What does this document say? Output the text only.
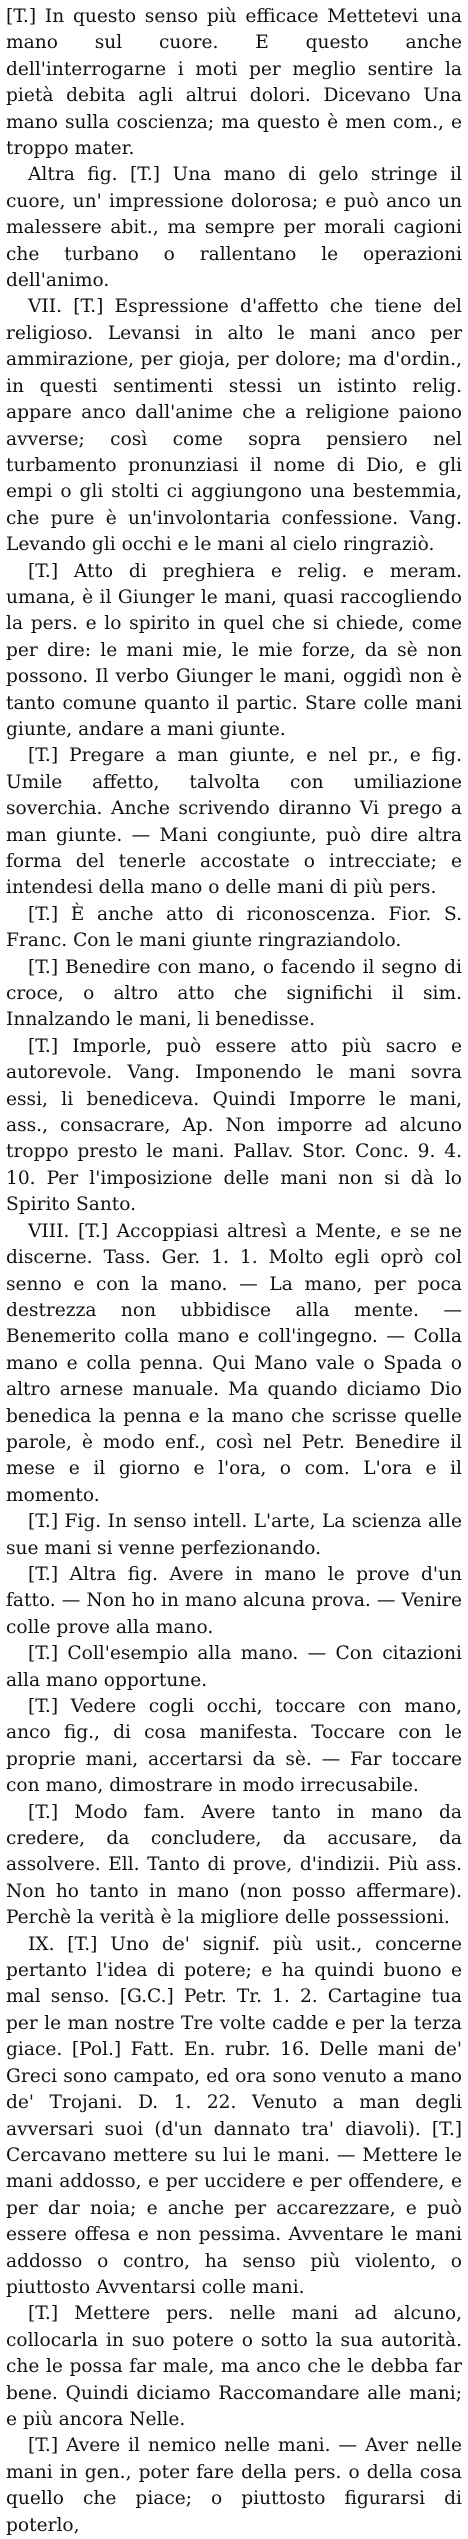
[T.] In questo senso più efficace Mettetevi una mano sul cuore. E questo anche dell'interrogarne i moti per meglio sentire la pietà debita agli altrui dolori. Dicevano Una mano sulla coscienza; ma questo è men com., e troppo mater.

Altra fig. [T.] Una mano di gelo stringe il cuore, un' impressione dolorosa; e può anco un malessere abit., ma sempre per morali cagioni che turbano o rallentano le operazioni dell'animo.

VII. [T.] Espressione d'affetto che tiene del religioso. Levansi in alto le mani anco per ammirazione, per gioja, per dolore; ma d'ordin., in questi sentimenti stessi un istinto relig. appare anco dall'anime che a religione paiono avverse; così come sopra pensiero nel turbamento pronunziasi il nome di Dio, e gli empi o gli stolti ci aggiungono una bestemmia, che pure è un'involontaria confessione. Vang. Levando gli occhi e le mani al cielo ringraziò.

[T.] Atto di preghiera e relig. e meram. umana, è il Giunger le mani, quasi raccogliendo la pers. e lo spirito in quel che si chiede, come per dire: le mani mie, le mie forze, da sè non possono. Il verbo Giunger le mani, oggidì non è tanto comune quanto il partic. Stare colle mani giunte, andare a mani giunte.

[T.] Pregare a man giunte, e nel pr., e fig. Umile affetto, talvolta con umiliazione soverchia. Anche scrivendo diranno Vi prego a man giunte. — Mani congiunte, può dire altra forma del tenerle accostate o intrecciate; e intendesi della mano o delle mani di più pers.

[T.] È anche atto di riconoscenza. Fior. S. Franc. Con le mani giunte ringraziandolo.

[T.] Benedire con mano, o facendo il segno di croce, o altro atto che significhi il sim. Innalzando le mani, li benedisse.

[T.] Imporle, può essere atto più sacro e autorevole. Vang. Imponendo le mani sovra essi, li benediceva. Quindi Imporre le mani, ass., consacrare, Ap. Non imporre ad alcuno troppo presto le mani. Pallav. Stor. Conc. 9. 4. 10. Per l'imposizione delle mani non si dà lo Spirito Santo.

VIII. [T.] Accoppiasi altresì a Mente, e se ne discerne. Tass. Ger. 1. 1. Molto egli oprò col senno e con la mano. — La mano, per poca destrezza non ubbidisce alla mente. — Benemerito colla mano e coll'ingegno. — Colla mano e colla penna. Qui Mano vale o Spada o altro arnese manuale. Ma quando diciamo Dio benedica la penna e la mano che scrisse quelle parole, è modo enf., così nel Petr. Benedire il mese e il giorno e l'ora, o com. L'ora e il momento.

[T.] Fig. In senso intell. L'arte, La scienza alle sue mani si venne perfezionando.

[T.] Altra fig. Avere in mano le prove d'un fatto. — Non ho in mano alcuna prova. — Venire colle prove alla mano.

[T.] Coll'esempio alla mano. — Con citazioni alla mano opportune.

[T.] Vedere cogli occhi, toccare con mano, anco fig., di cosa manifesta. Toccare con le proprie mani, accertarsi da sè. — Far toccare con mano, dimostrare in modo irrecusabile.

[T.] Modo fam. Avere tanto in mano da credere, da concludere, da accusare, da assolvere. Ell. Tanto di prove, d'indizii. Più ass. Non ho tanto in mano (non posso affermare). Perchè la verità è la migliore delle possessioni.

IX. [T.] Uno de' signif. più usit., concerne pertanto l'idea di potere; e ha quindi buono e mal senso. [G.C.] Petr. Tr. 1. 2. Cartagine tua per le man nostre Tre volte cadde e per la terza giace. [Pol.] Fatt. En. rubr. 16. Delle mani de' Greci sono campato, ed ora sono venuto a mano de' Trojani. D. 1. 22. Venuto a man degli avversari suoi (d'un dannato tra' diavoli). [T.] Cercavano mettere su lui le mani. — Mettere le mani addosso, e per uccidere e per offendere, e per dar noia; e anche per accarezzare, e può essere offesa e non pessima. Avventare le mani addosso o contro, ha senso più violento, o piuttosto Avventarsi colle mani.

[T.] Mettere pers. nelle mani ad alcuno, collocarla in suo potere o sotto la sua autorità. che le possa far male, ma anco che le debba far bene. Quindi diciamo Raccomandare alle mani; e più ancora Nelle.

[T.] Avere il nemico nelle mani. — Aver nelle mani in gen., poter fare della pers. o della cosa quello che piace; o piuttosto figurarsi di poterlo,
